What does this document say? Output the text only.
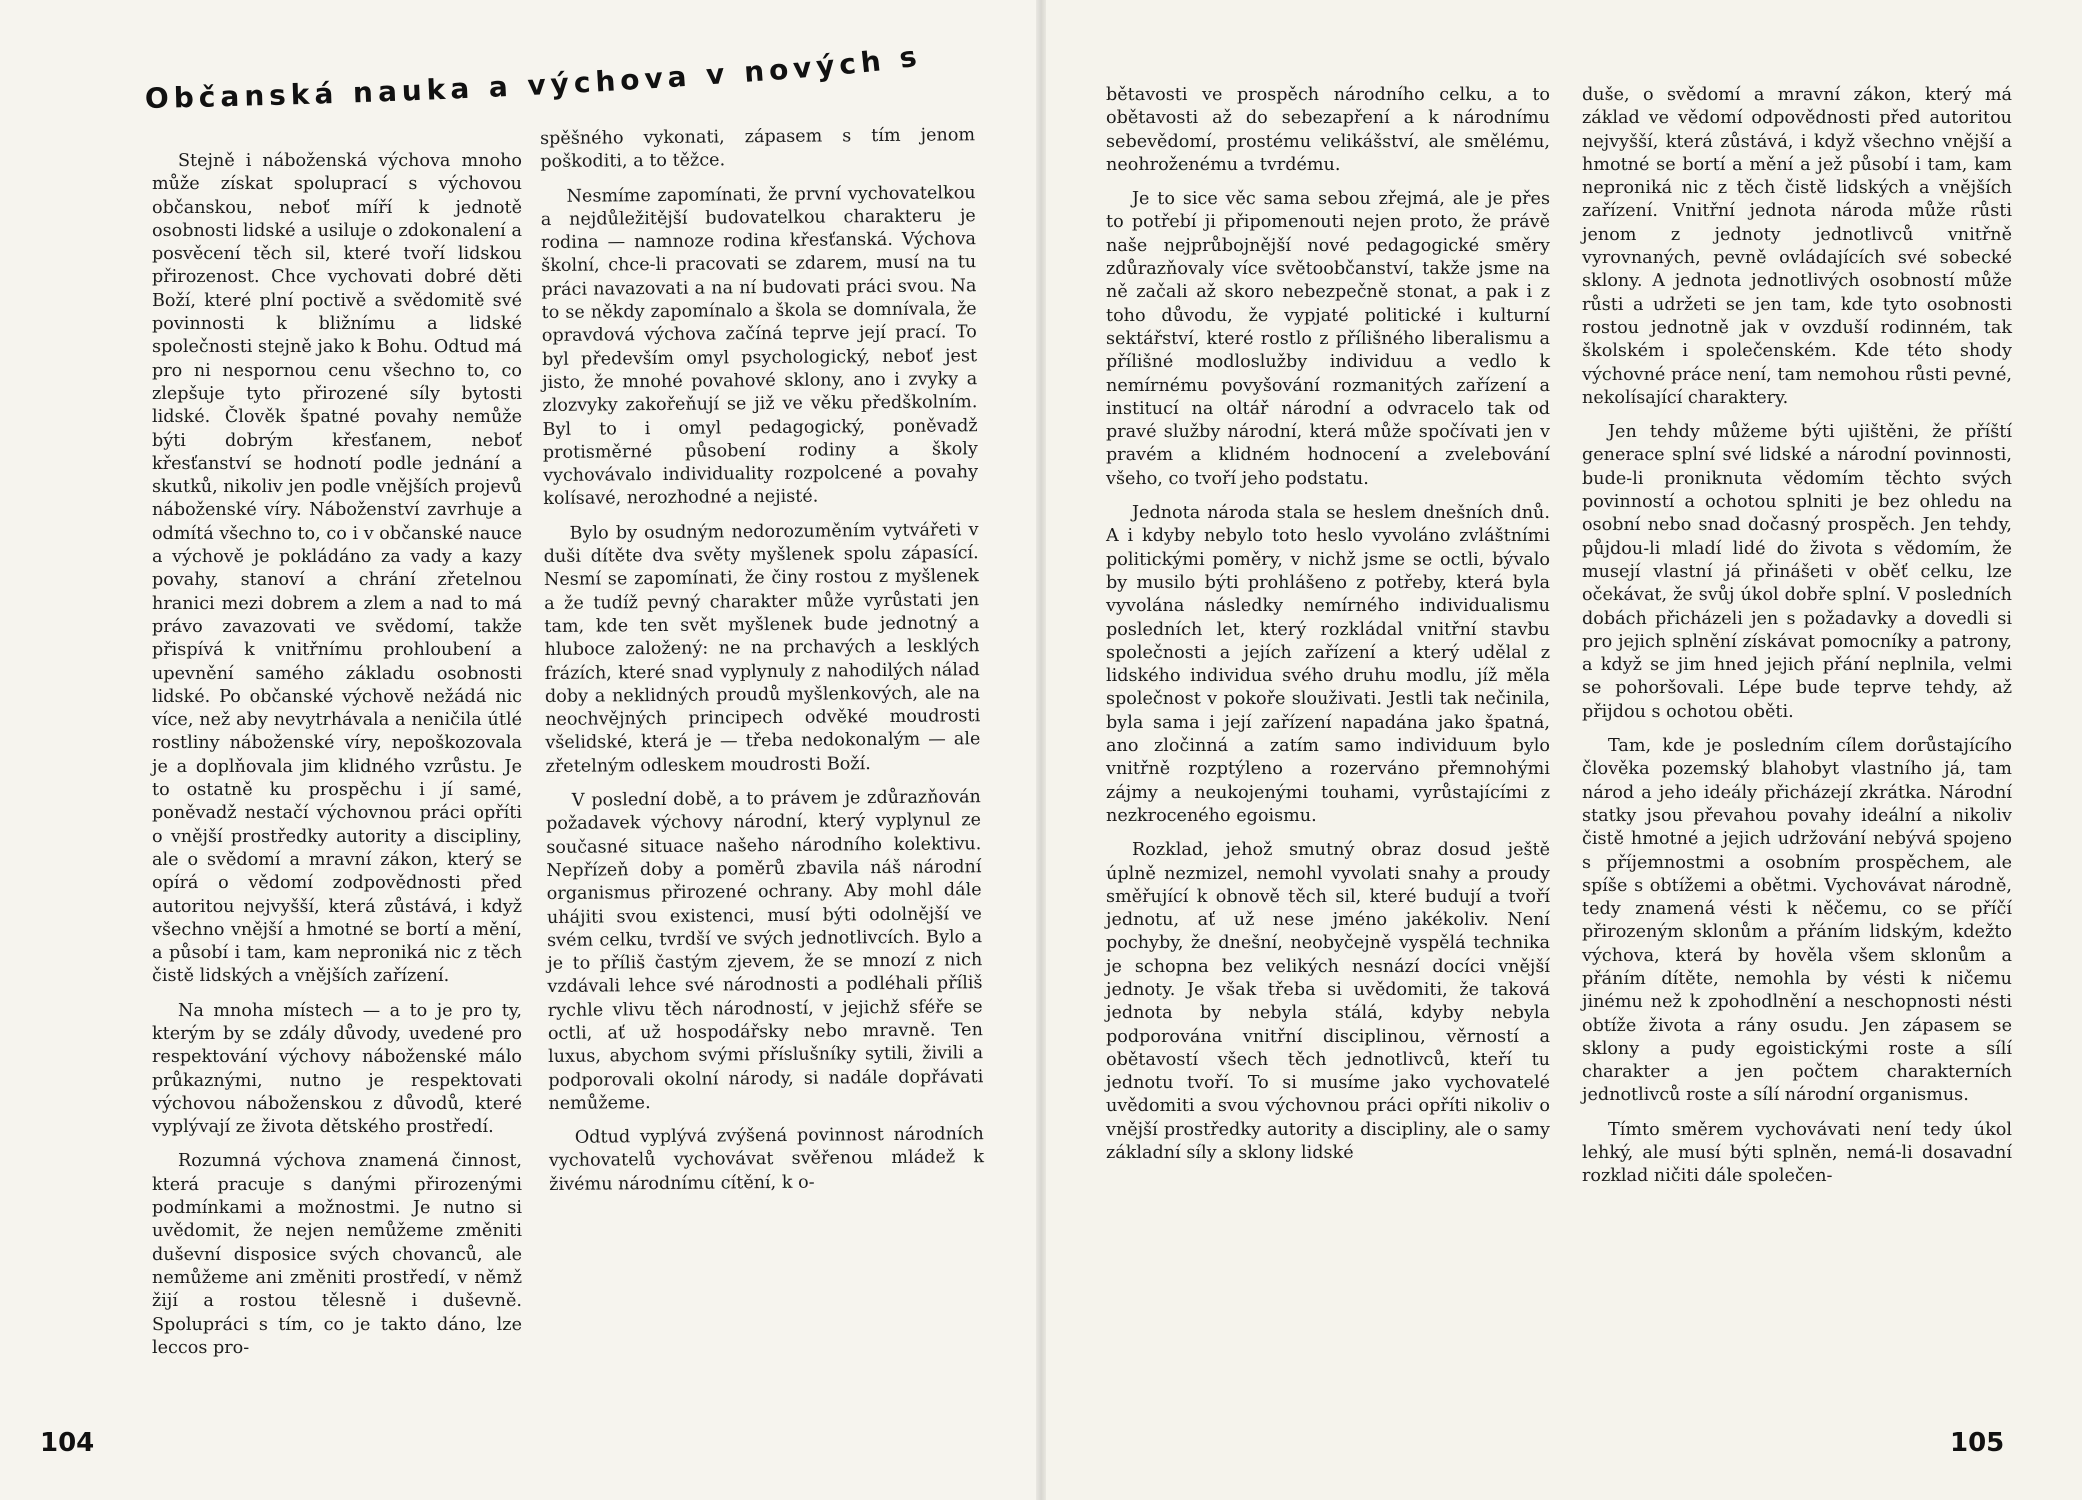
Občanská nauka a výchova v nových směrech

Stejně i náboženská výchova mnoho může získat spoluprací s výchovou občanskou, neboť míří k jednotě osobnosti lidské a usiluje o zdokonalení a posvěcení těch sil, které tvoří lidskou přirozenost. Chce vychovati dobré děti Boží, které plní poctivě a svědomitě své povinnosti k bližnímu a lidské společnosti stejně jako k Bohu. Odtud má pro ni nespornou cenu všechno to, co zlepšuje tyto přirozené síly bytosti lidské. Člověk špatné povahy nemůže býti dobrým křesťanem, neboť křesťanství se hodnotí podle jednání a skutků, nikoliv jen podle vnějších projevů náboženské víry. Náboženství zavrhuje a odmítá všechno to, co i v občanské nauce a výchově je pokládáno za vady a kazy povahy, stanoví a chrání zřetelnou hranici mezi dobrem a zlem a nad to má právo zavazovati ve svědomí, takže přispívá k vnitřnímu prohloubení a upevnění samého základu osobnosti lidské. Po občanské výchově nežádá nic více, než aby nevytrhávala a neničila útlé rostliny náboženské víry, nepoškozovala je a doplňovala jim klidného vzrůstu. Je to ostatně ku prospěchu i jí samé, poněvadž nestačí výchovnou práci opříti o vnější prostředky autority a discipliny, ale o svědomí a mravní zákon, který se opírá o vědomí zodpovědnosti před autoritou nejvyšší, která zůstává, i když všechno vnější a hmotné se bortí a mění, a působí i tam, kam neproniká nic z těch čistě lidských a vnějších zařízení.

Na mnoha místech — a to je pro ty, kterým by se zdály důvody, uvedené pro respektování výchovy náboženské málo průkaznými, nutno je respektovati výchovou náboženskou z důvodů, které vyplývají ze života dětského prostředí.

Rozumná výchova znamená činnost, která pracuje s danými přirozenými podmínkami a možnostmi. Je nutno si uvědomit, že nejen nemůžeme změniti duševní disposice svých chovanců, ale nemůžeme ani změniti prostředí, v němž žijí a rostou tělesně i duševně. Spolupráci s tím, co je takto dáno, lze leccos pro-

spěšného vykonati, zápasem s tím jenom poškoditi, a to těžce.

Nesmíme zapomínati, že první vychovatelkou a nejdůležitější budovatelkou charakteru je rodina — namnoze rodina křesťanská. Výchova školní, chce-li pracovati se zdarem, musí na tu práci navazovati a na ní budovati práci svou. Na to se někdy zapomínalo a škola se domnívala, že opravdová výchova začíná teprve její prací. To byl především omyl psychologický, neboť jest jisto, že mnohé povahové sklony, ano i zvyky a zlozvyky zakořeňují se již ve věku předškolním. Byl to i omyl pedagogický, poněvadž protisměrné působení rodiny a školy vychovávalo individuality rozpolcené a povahy kolísavé, nerozhodné a nejisté.

Bylo by osudným nedorozuměním vytvářeti v duši dítěte dva světy myšlenek spolu zápasící. Nesmí se zapomínati, že činy rostou z myšlenek a že tudíž pevný charakter může vyrůstati jen tam, kde ten svět myšlenek bude jednotný a hluboce založený: ne na prchavých a lesklých frázích, které snad vyplynuly z nahodilých nálad doby a neklidných proudů myšlenkových, ale na neochvějných principech odvěké moudrosti všelidské, která je — třeba nedokonalým — ale zřetelným odleskem moudrosti Boží.

V poslední době, a to právem je zdůrazňován požadavek výchovy národní, který vyplynul ze současné situace našeho národního kolektivu. Nepřízeň doby a poměrů zbavila náš národní organismus přirozené ochrany. Aby mohl dále uhájiti svou existenci, musí býti odolnější ve svém celku, tvrdší ve svých jednotlivcích. Bylo a je to příliš častým zjevem, že se mnozí z nich vzdávali lehce své národnosti a podléhali příliš rychle vlivu těch národností, v jejichž sféře se octli, ať už hospodářsky nebo mravně. Ten luxus, abychom svými příslušníky sytili, živili a podporovali okolní národy, si nadále dopřávati nemůžeme.

Odtud vyplývá zvýšená povinnost národních vychovatelů vychovávat svěřenou mládež k živému národnímu cítění, k o-

104

bětavosti ve prospěch národního celku, a to obětavosti až do sebezapření a k národnímu sebevědomí, prostému velikášství, ale smělému, neohroženému a tvrdému.

Je to sice věc sama sebou zřejmá, ale je přes to potřebí ji připomenouti nejen proto, že právě naše nejprůbojnější nové pedagogické směry zdůrazňovaly více světoobčanství, takže jsme na ně začali až skoro nebezpečně stonat, a pak i z toho důvodu, že vypjaté politické i kulturní sektářství, které rostlo z přílišného liberalismu a přílišné modloslužby individuu a vedlo k nemírnému povyšování rozmanitých zařízení a institucí na oltář národní a odvracelo tak od pravé služby národní, která může spočívati jen v pravém a klidném hodnocení a zvelebování všeho, co tvoří jeho podstatu.

Jednota národa stala se heslem dnešních dnů. A i kdyby nebylo toto heslo vyvoláno zvláštními politickými poměry, v nichž jsme se octli, bývalo by musilo býti prohlášeno z potřeby, která byla vyvolána následky nemírného individualismu posledních let, který rozkládal vnitřní stavbu společnosti a jejích zařízení a který udělal z lidského individua svého druhu modlu, jíž měla společnost v pokoře slouživati. Jestli tak nečinila, byla sama i její zařízení napadána jako špatná, ano zločinná a zatím samo individuum bylo vnitřně rozptýleno a rozerváno přemnohými zájmy a neukojenými touhami, vyrůstajícími z nezkroceného egoismu.

Rozklad, jehož smutný obraz dosud ještě úplně nezmizel, nemohl vyvolati snahy a proudy směřující k obnově těch sil, které budují a tvoří jednotu, ať už nese jméno jakékoliv. Není pochyby, že dnešní, neobyčejně vyspělá technika je schopna bez velikých nesnází docíci vnější jednoty. Je však třeba si uvědomiti, že taková jednota by nebyla stálá, kdyby nebyla podporována vnitřní disciplinou, věrností a obětavostí všech těch jednotlivců, kteří tu jednotu tvoří. To si musíme jako vychovatelé uvědomiti a svou výchovnou práci opříti nikoliv o vnější prostředky autority a discipliny, ale o samy základní síly a sklony lidské

duše, o svědomí a mravní zákon, který má základ ve vědomí odpovědnosti před autoritou nejvyšší, která zůstává, i když všechno vnější a hmotné se bortí a mění a jež působí i tam, kam neproniká nic z těch čistě lidských a vnějších zařízení. Vnitřní jednota národa může růsti jenom z jednoty jednotlivců vnitřně vyrovnaných, pevně ovládajících své sobecké sklony. A jednota jednotlivých osobností může růsti a udržeti se jen tam, kde tyto osobnosti rostou jednotně jak v ovzduší rodinném, tak školském i společenském. Kde této shody výchovné práce není, tam nemohou růsti pevné, nekolísající charaktery.

Jen tehdy můžeme býti ujištěni, že příští generace splní své lidské a národní povinnosti, bude-li proniknuta vědomím těchto svých povinností a ochotou splniti je bez ohledu na osobní nebo snad dočasný prospěch. Jen tehdy, půjdou-li mladí lidé do života s vědomím, že musejí vlastní já přinášeti v oběť celku, lze očekávat, že svůj úkol dobře splní. V posledních dobách přicházeli jen s požadavky a dovedli si pro jejich splnění získávat pomocníky a patrony, a když se jim hned jejich přání neplnila, velmi se pohoršovali. Lépe bude teprve tehdy, až přijdou s ochotou oběti.

Tam, kde je posledním cílem dorůstajícího člověka pozemský blahobyt vlastního já, tam národ a jeho ideály přicházejí zkrátka. Národní statky jsou převahou povahy ideální a nikoliv čistě hmotné a jejich udržování nebývá spojeno s příjemnostmi a osobním prospěchem, ale spíše s obtížemi a obětmi. Vychovávat národně, tedy znamená vésti k něčemu, co se příčí přirozeným sklonům a přáním lidským, kdežto výchova, která by hověla všem sklonům a přáním dítěte, nemohla by vésti k ničemu jinému než k zpohodlnění a neschopnosti nésti obtíže života a rány osudu. Jen zápasem se sklony a pudy egoistickými roste a sílí charakter a jen počtem charakterních jednotlivců roste a sílí národní organismus.

Tímto směrem vychovávati není tedy úkol lehký, ale musí býti splněn, nemá-li dosavadní rozklad ničiti dále společen-

105
